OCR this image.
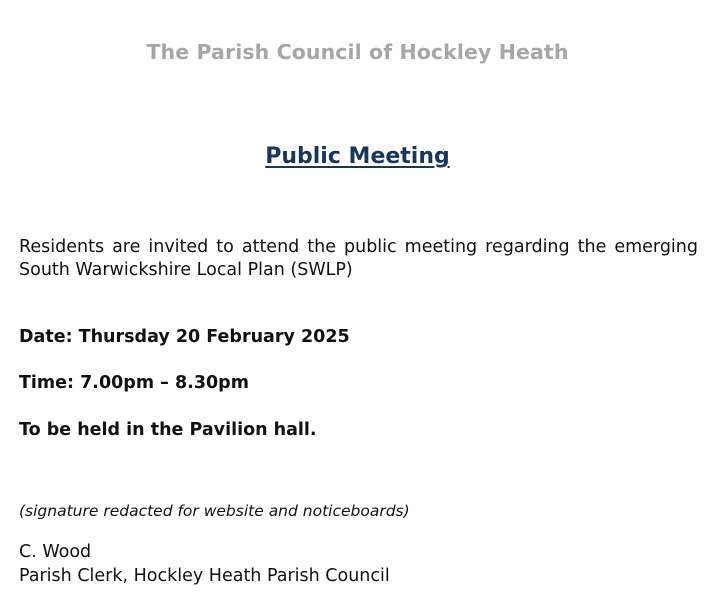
The Parish Council of Hockley Heath
Public Meeting
Residents are invited to attend the public meeting regarding the emerging South Warwickshire Local Plan (SWLP)
Date: Thursday 20 February 2025
Time: 7.00pm – 8.30pm
To be held in the Pavilion hall.
(signature redacted for website and noticeboards)
C. Wood
Parish Clerk, Hockley Heath Parish Council
